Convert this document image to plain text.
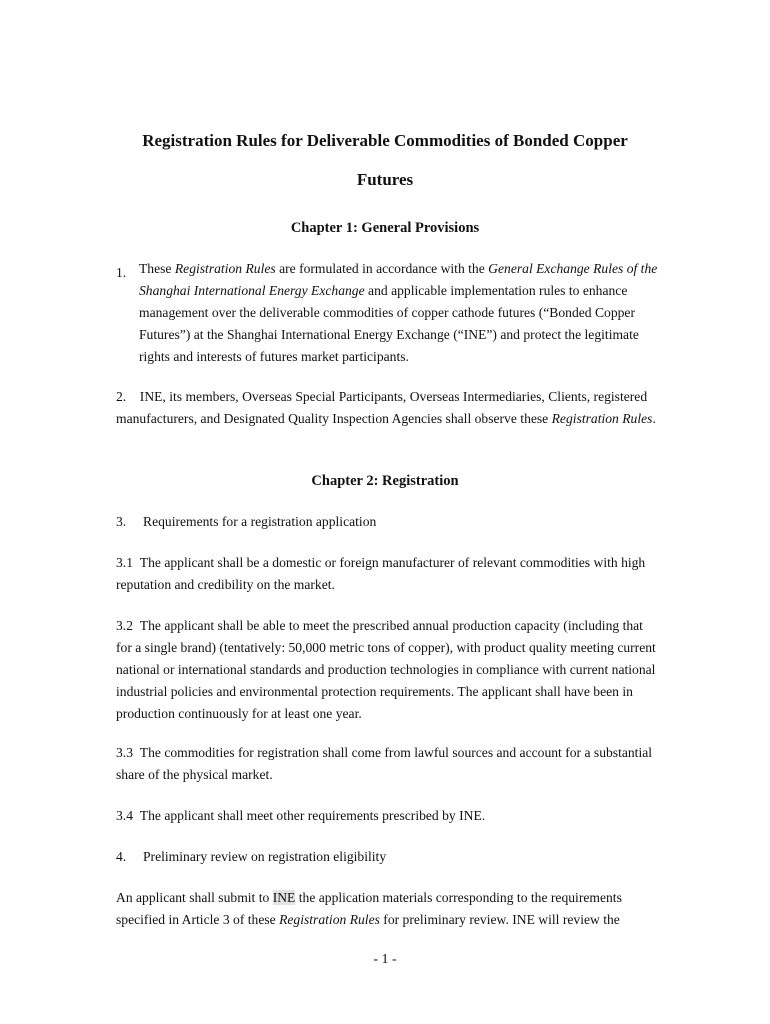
Registration Rules for Deliverable Commodities of Bonded Copper
Futures
Chapter 1: General Provisions
1. These Registration Rules are formulated in accordance with the General Exchange Rules of the Shanghai International Energy Exchange and applicable implementation rules to enhance management over the deliverable commodities of copper cathode futures (“Bonded Copper Futures”) at the Shanghai International Energy Exchange (“INE”) and protect the legitimate rights and interests of futures market participants.

2.    INE, its members, Overseas Special Participants, Overseas Intermediaries, Clients, registered manufacturers, and Designated Quality Inspection Agencies shall observe these Registration Rules.

Chapter 2: Registration
3. Requirements for a registration application

3.1  The applicant shall be a domestic or foreign manufacturer of relevant commodities with high reputation and credibility on the market.

3.2  The applicant shall be able to meet the prescribed annual production capacity (including that for a single brand) (tentatively: 50,000 metric tons of copper), with product quality meeting current national or international standards and production technologies in compliance with current national industrial policies and environmental protection requirements. The applicant shall have been in production continuously for at least one year.

3.3  The commodities for registration shall come from lawful sources and account for a substantial share of the physical market.

3.4  The applicant shall meet other requirements prescribed by INE.

4. Preliminary review on registration eligibility

An applicant shall submit to INE the application materials corresponding to the requirements specified in Article 3 of these Registration Rules for preliminary review. INE will review the

- 1 -
